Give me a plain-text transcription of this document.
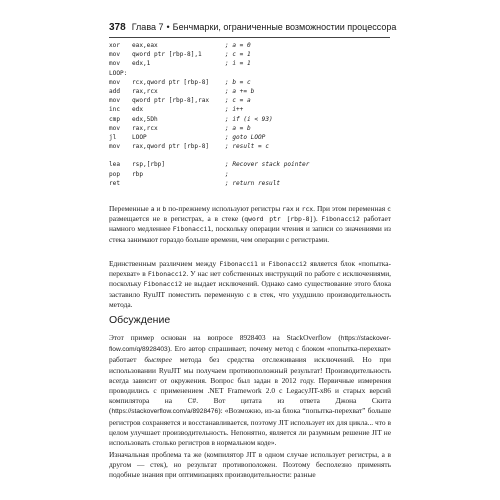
378 Глава 7 • Бенчмарки, ограниченные возможностии процессора
xor eax,eax	; a = 0
mov qword ptr [rbp-8],1	; c = 1
mov edx,1	; i = 1
LOOP:
mov rcx,qword ptr [rbp-8]	; b = c
add rax,rcx	; a += b
mov qword ptr [rbp-8],rax	; c = a
inc edx	; i++
cmp edx,5Dh	; if (i < 93)
mov rax,rcx	; a = b
jl	LOOP	; goto LOOP
mov rax,qword ptr [rbp-8]	; result = c
lea rsp,[rbp]	; Recover stack pointer
pop rbp	;
ret	; return result
Переменные a и b по-прежнему используют регистры rax и rcx. При этом переменная c размещается не в регистрах, а в стеке (qword ptr [rbp-8]). Fibonacci2 работает намного медленнее Fibonacci1, поскольку операции чтения и записи со значениями из стека занимают гораздо больше времени, чем операции с регистрами.
Единственным различием между Fibonacci1 и Fibonacci2 является блок «попытка-перехват» в Fibonacci2. У нас нет собственных инструкций по работе с исключениями, поскольку Fibonacci2 не выдает исключений. Однако само существование этого блока заставило RyuJIT поместить переменную c в стек, что ухудшило производительность метода.
Обсуждение
Этот пример основан на вопросе 8928403 на StackOverflow (https://stackoverflow.com/q/8928403). Его автор спрашивает, почему метод с блоком «попытка-перехват» работает быстрее метода без средства отслеживания исключений. Но при использовании RyuJIT мы получаем противоположный результат! Производительность всегда зависит от окружения. Вопрос был задан в 2012 году. Первичные измерения проводились с применением .NET Framework 2.0 с LegacyJIT-x86 и старых версий компилятора на C#. Вот цитата из ответа Джона Скита (https://stackoverflow.com/a/8928476): «Возможно, из-за блока “попытка-перехват” больше регистров сохраняется и восстанавливается, поэтому JIT использует их для цикла... что в целом улучшает производительность. Непонятно, является ли разумным решение JIT не использовать столько регистров в нормальном коде».
Изначальная проблема та же (компилятор JIT в одном случае использует регистры, а в другом — стек), но результат противоположен. Поэтому бесполезно применять подобные знания при оптимизациях производительности: разные
